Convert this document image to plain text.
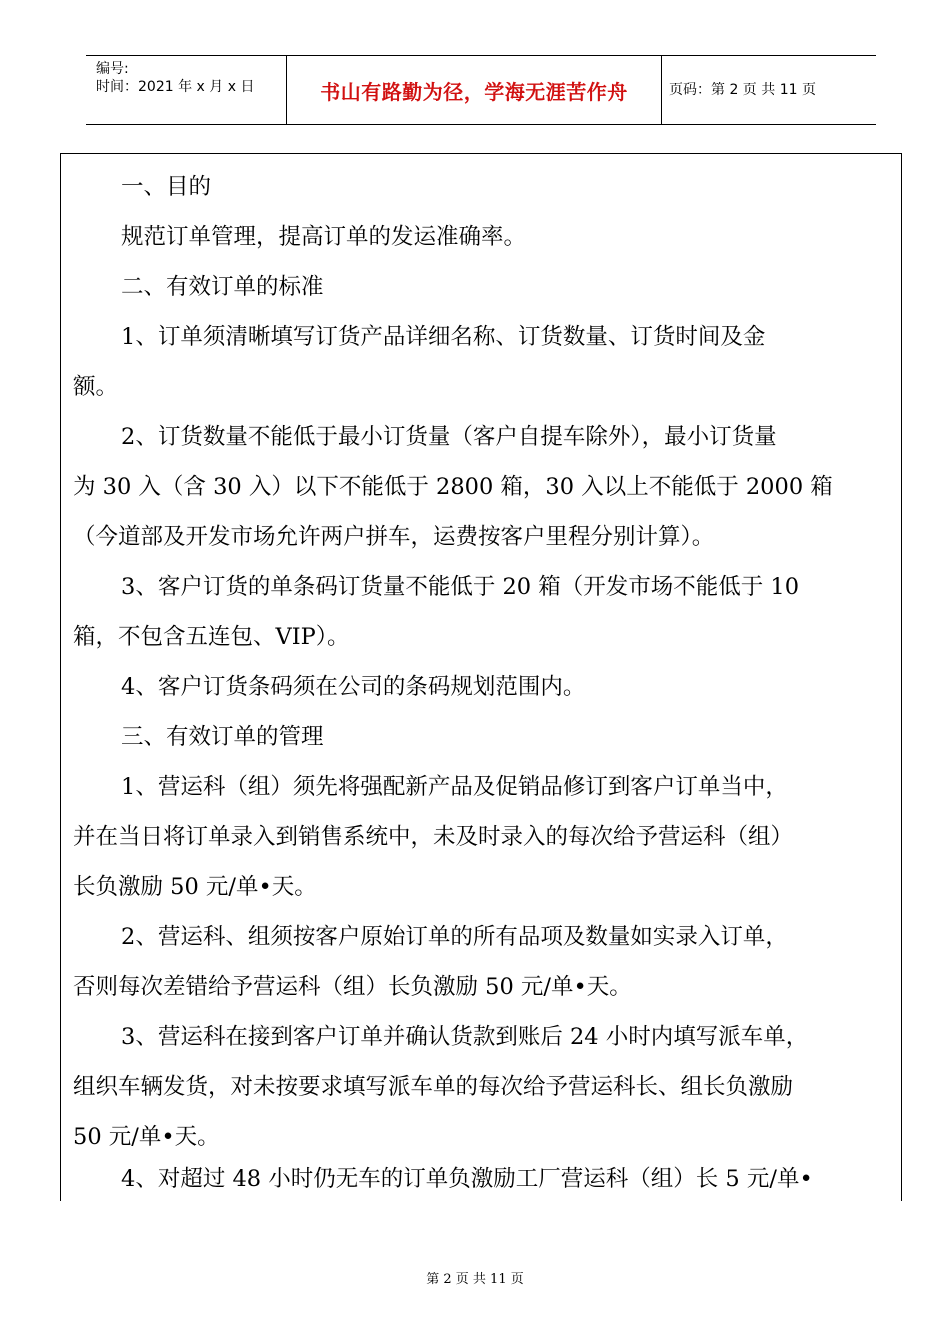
编号:
时间：2021 年 x 月 x 日	书山有路勤为径，学海无涯苦作舟	页码：第 2 页 共 11 页
一、目的
规范订单管理，提高订单的发运准确率。
二、有效订单的标准
1、订单须清晰填写订货产品详细名称、订货数量、订货时间及金
额。
2、订货数量不能低于最小订货量（客户自提车除外），最小订货量
为 30 入（含 30 入）以下不能低于 2800 箱，30 入以上不能低于 2000 箱
（今道部及开发市场允许两户拼车，运费按客户里程分别计算）。
3、客户订货的单条码订货量不能低于 20 箱（开发市场不能低于 10
箱，不包含五连包、VIP）。
4、客户订货条码须在公司的条码规划范围内。
三、有效订单的管理
1、营运科（组）须先将强配新产品及促销品修订到客户订单当中，
并在当日将订单录入到销售系统中，未及时录入的每次给予营运科（组）
长负激励 50 元/单•天。
2、营运科、组须按客户原始订单的所有品项及数量如实录入订单，
否则每次差错给予营运科（组）长负激励 50 元/单•天。
3、营运科在接到客户订单并确认货款到账后 24 小时内填写派车单，
组织车辆发货，对未按要求填写派车单的每次给予营运科长、组长负激励
50 元/单•天。
4、对超过 48 小时仍无车的订单负激励工厂营运科（组）长 5 元/单•
第 2 页 共 11 页
